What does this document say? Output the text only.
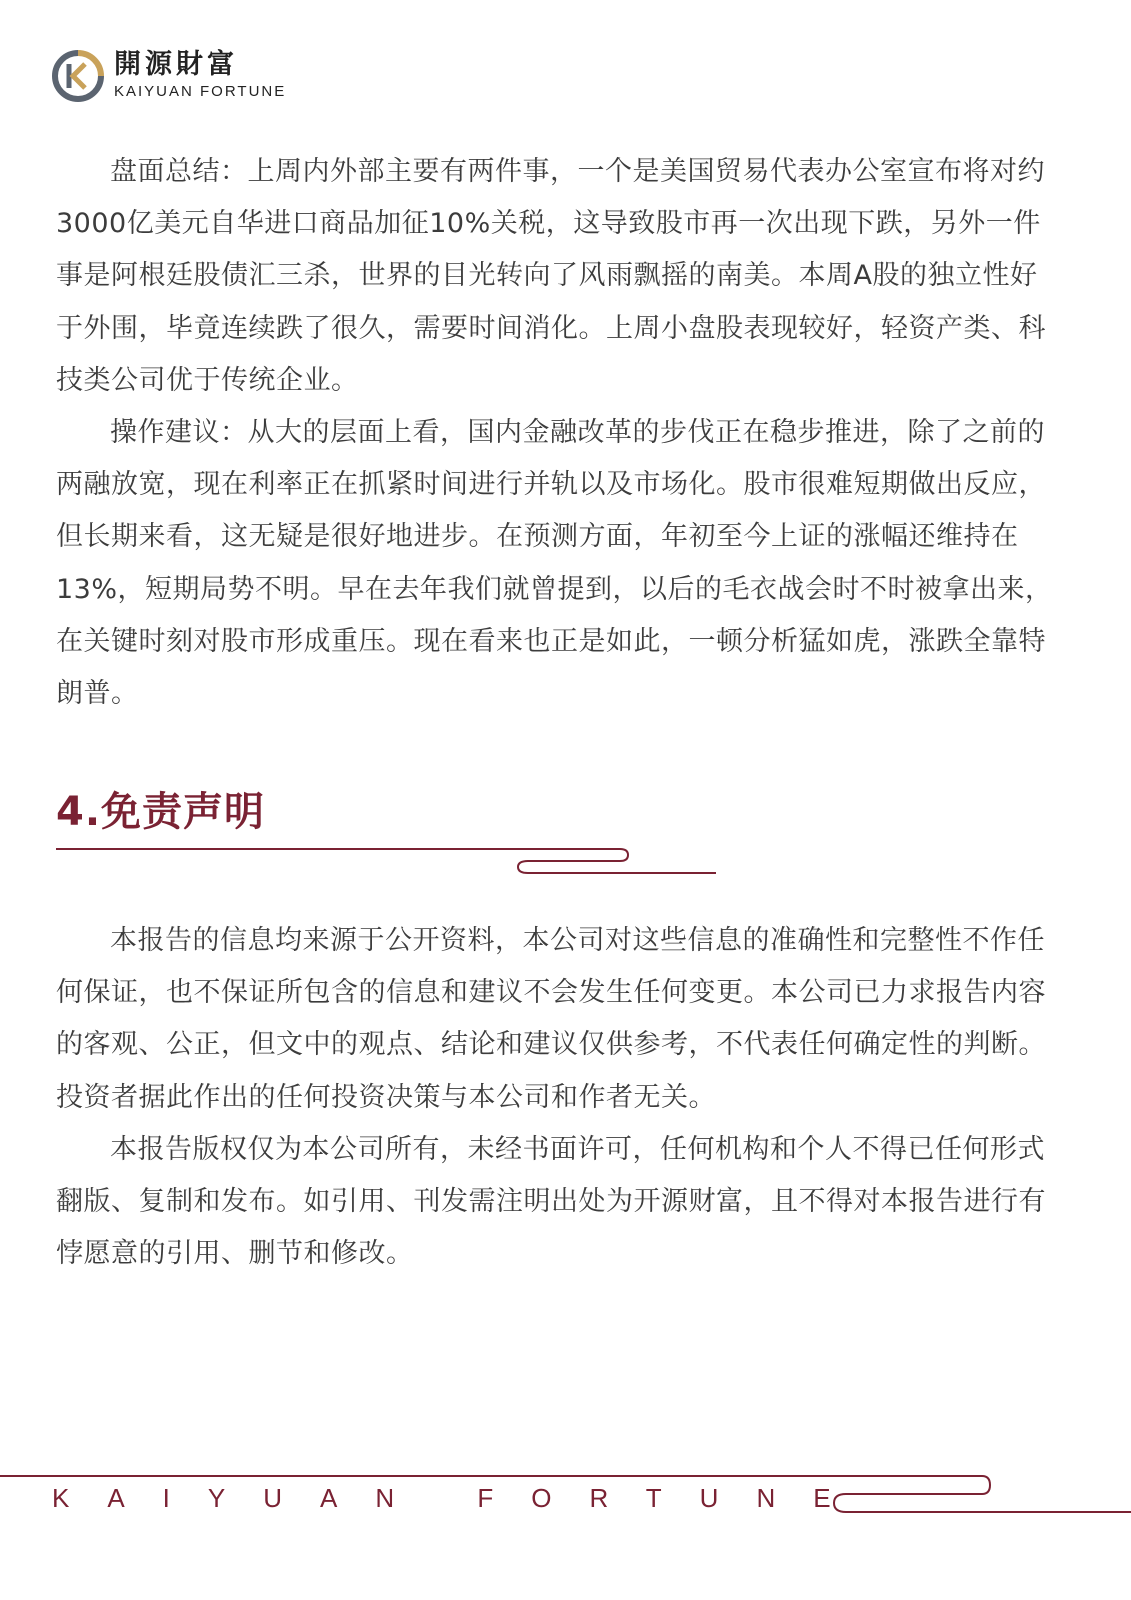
開源財富
KAIYUAN FORTUNE

盘面总结：上周内外部主要有两件事，一个是美国贸易代表办公室宣布将对约3000亿美元自华进口商品加征10%关税，这导致股市再一次出现下跌，另外一件事是阿根廷股债汇三杀，世界的目光转向了风雨飘摇的南美。本周A股的独立性好于外围，毕竟连续跌了很久，需要时间消化。上周小盘股表现较好，轻资产类、科技类公司优于传统企业。

操作建议：从大的层面上看，国内金融改革的步伐正在稳步推进，除了之前的两融放宽，现在利率正在抓紧时间进行并轨以及市场化。股市很难短期做出反应，但长期来看，这无疑是很好地进步。在预测方面，年初至今上证的涨幅还维持在13%，短期局势不明。早在去年我们就曾提到，以后的毛衣战会时不时被拿出来，在关键时刻对股市形成重压。现在看来也正是如此，一顿分析猛如虎，涨跌全靠特朗普。

4.免责声明

本报告的信息均来源于公开资料，本公司对这些信息的准确性和完整性不作任何保证，也不保证所包含的信息和建议不会发生任何变更。本公司已力求报告内容的客观、公正，但文中的观点、结论和建议仅供参考，不代表任何确定性的判断。投资者据此作出的任何投资决策与本公司和作者无关。

本报告版权仅为本公司所有，未经书面许可，任何机构和个人不得已任何形式翻版、复制和发布。如引用、刊发需注明出处为开源财富，且不得对本报告进行有悖愿意的引用、删节和修改。

KAIYUAN FORTUNE
